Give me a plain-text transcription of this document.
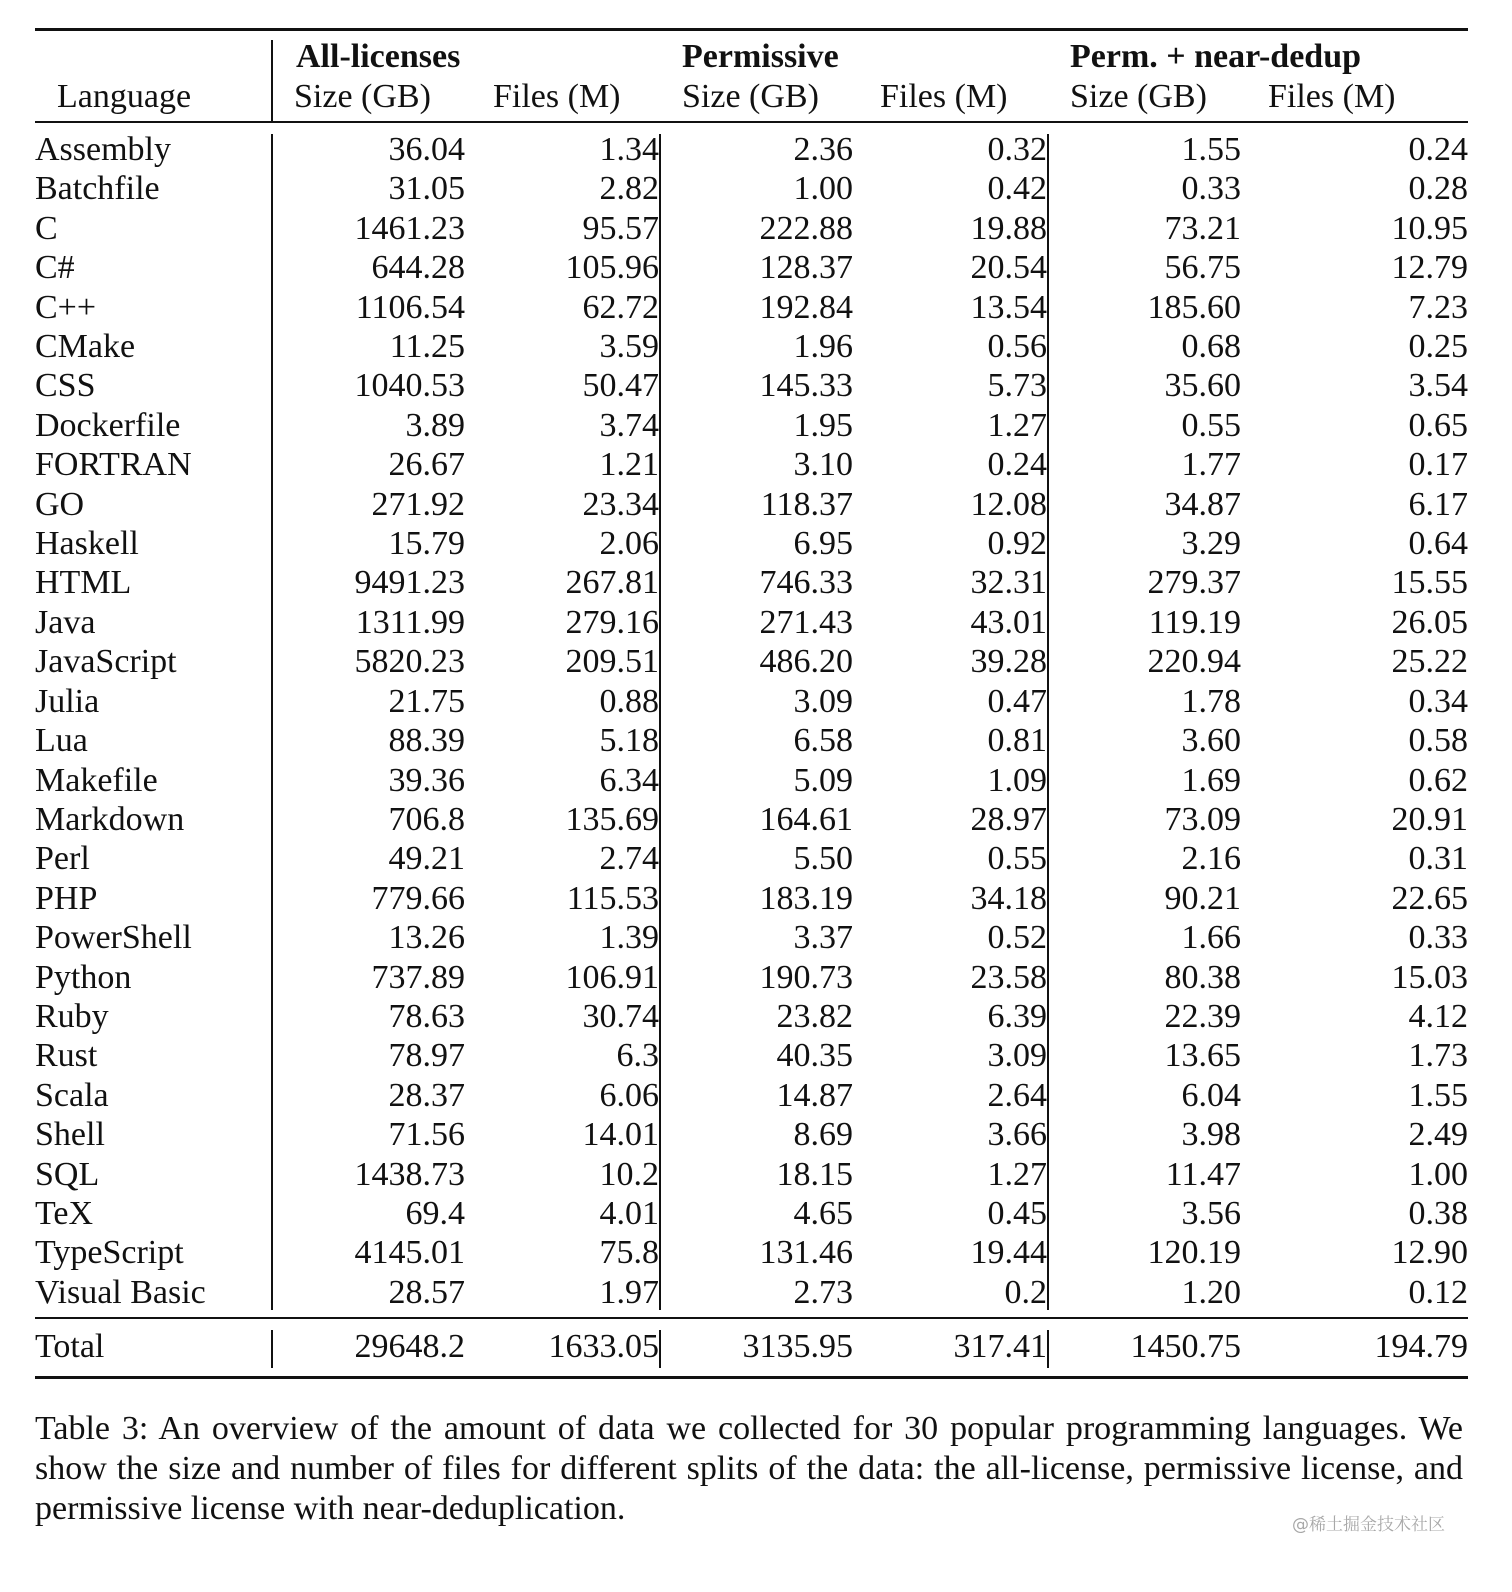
All-licenses	Permissive	Perm. + near-dedup
Language	Size (GB) Files (M) Size (GB) Files (M) Size (GB) Files (M)
Assembly	36.04	1.34	2.36	0.32	1.55	0.24
Batchfile	31.05	2.82	1.00	0.42	0.33	0.28
C	1461.23	95.57	222.88	19.88	73.21	10.95
C#	644.28	105.96	128.37	20.54	56.75	12.79
C++	1106.54	62.72	192.84	13.54	185.60	7.23
CMake	11.25	3.59	1.96	0.56	0.68	0.25
CSS	1040.53	50.47	145.33	5.73	35.60	3.54
Dockerfile	3.89	3.74	1.95	1.27	0.55	0.65
FORTRAN	26.67	1.21	3.10	0.24	1.77	0.17
GO	271.92	23.34	118.37	12.08	34.87	6.17
Haskell	15.79	2.06	6.95	0.92	3.29	0.64
HTML	9491.23	267.81	746.33	32.31	279.37	15.55
Java	1311.99	279.16	271.43	43.01	119.19	26.05
JavaScript	5820.23	209.51	486.20	39.28	220.94	25.22
Julia	21.75	0.88	3.09	0.47	1.78	0.34
Lua	88.39	5.18	6.58	0.81	3.60	0.58
Makefile	39.36	6.34	5.09	1.09	1.69	0.62
Markdown	706.8	135.69	164.61	28.97	73.09	20.91
Perl	49.21	2.74	5.50	0.55	2.16	0.31
PHP	779.66	115.53	183.19	34.18	90.21	22.65
PowerShell	13.26	1.39	3.37	0.52	1.66	0.33
Python	737.89	106.91	190.73	23.58	80.38	15.03
Ruby	78.63	30.74	23.82	6.39	22.39	4.12
Rust	78.97	6.3	40.35	3.09	13.65	1.73
Scala	28.37	6.06	14.87	2.64	6.04	1.55
Shell	71.56	14.01	8.69	3.66	3.98	2.49
SQL	1438.73	10.2	18.15	1.27	11.47	1.00
TeX	69.4	4.01	4.65	0.45	3.56	0.38
TypeScript	4145.01	75.8	131.46	19.44	120.19	12.90
Visual Basic	28.57	1.97	2.73	0.2	1.20	0.12
Total	29648.2	1633.05	3135.95	317.41	1450.75	194.79
Table 3: An overview of the amount of data we collected for 30 popular programming languages. We show the size and number of files for different splits of the data: the all-license, permissive license, and permissive license with near-deduplication.	@稀土掘金技术社区
